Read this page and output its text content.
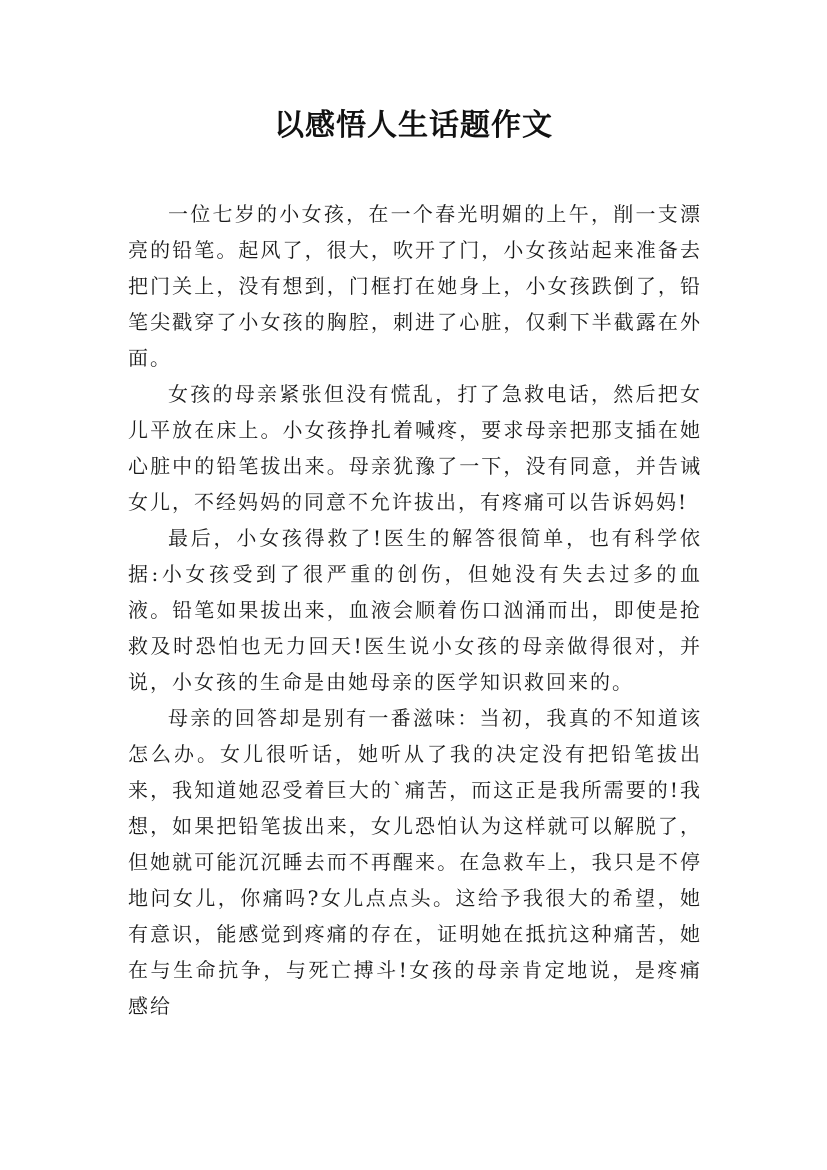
以感悟人生话题作文

一位七岁的小女孩，在一个春光明媚的上午，削一支漂亮的铅笔。起风了，很大，吹开了门，小女孩站起来准备去把门关上，没有想到，门框打在她身上，小女孩跌倒了，铅笔尖戳穿了小女孩的胸腔，刺进了心脏，仅剩下半截露在外面。

女孩的母亲紧张但没有慌乱，打了急救电话，然后把女儿平放在床上。小女孩挣扎着喊疼，要求母亲把那支插在她心脏中的铅笔拔出来。母亲犹豫了一下，没有同意，并告诫女儿，不经妈妈的同意不允许拔出，有疼痛可以告诉妈妈!

最后，小女孩得救了!医生的解答很简单，也有科学依据:小女孩受到了很严重的创伤，但她没有失去过多的血液。铅笔如果拔出来，血液会顺着伤口汹涌而出，即使是抢救及时恐怕也无力回天!医生说小女孩的母亲做得很对，并说，小女孩的生命是由她母亲的医学知识救回来的。

母亲的回答却是别有一番滋味：当初，我真的不知道该怎么办。女儿很听话，她听从了我的决定没有把铅笔拔出来，我知道她忍受着巨大的`痛苦，而这正是我所需要的!我想，如果把铅笔拔出来，女儿恐怕认为这样就可以解脱了，但她就可能沉沉睡去而不再醒来。在急救车上，我只是不停地问女儿，你痛吗?女儿点点头。这给予我很大的希望，她有意识，能感觉到疼痛的存在，证明她在抵抗这种痛苦，她在与生命抗争，与死亡搏斗!女孩的母亲肯定地说，是疼痛感给
